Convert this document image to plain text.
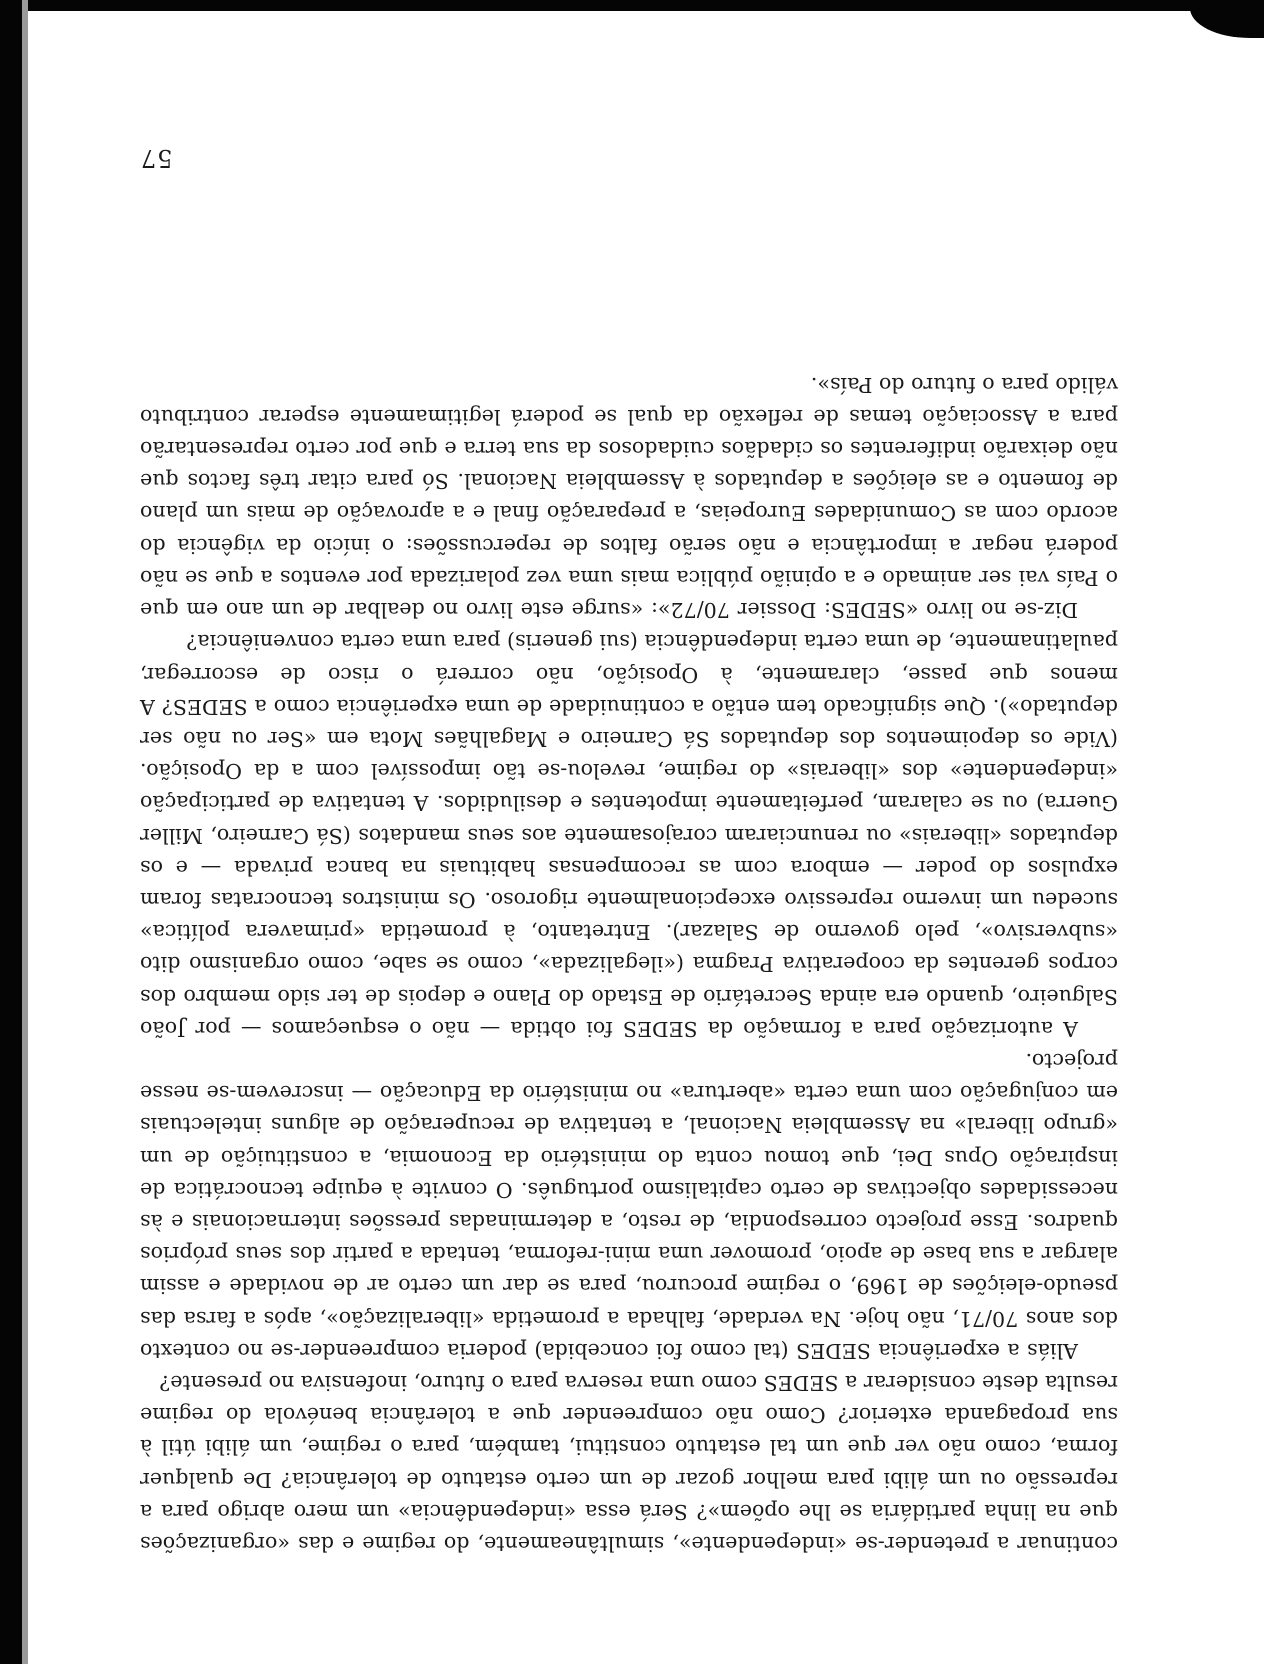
continuar a pretender-se «independente», simultâneamente, do regime e das «organizações que na linha partidária se lhe opõem»? Será essa «independência» um mero abrigo para a repressão ou um álibi para melhor gozar de um certo estatuto de tolerância? De qualquer forma, como não ver que um tal estatuto constitui, também, para o regime, um álibi útil à sua propaganda exterior? Como não compreender que a tolerância benévola do regime resulta deste considerar a SEDES como uma reserva para o futuro, inofensiva no presente?

Aliás a experiência SEDES (tal como foi concebida) poderia compreender-se no contexto dos anos 70/71, não hoje. Na verdade, falhada a prometida «liberalização», após a farsa das pseudo-eleições de 1969, o regime procurou, para se dar um certo ar de novidade e assim alargar a sua base de apoio, promover uma mini-reforma, tentada a partir dos seus próprios quadros. Esse projecto correspondia, de resto, a determinadas pressões internacionais e às necessidades objectivas de certo capitalismo português. O convite à equipe tecnocrática de inspiração Opus Dei, que tomou conta do ministério da Economia, a constituição de um «grupo liberal» na Assembleia Nacional, a tentativa de recuperação de alguns intelectuais em conjugação com uma certa «abertura» no ministério da Educação — inscrevem-se nesse projecto.

A autorização para a formação da SEDES foi obtida — não o esqueçamos — por João Salgueiro, quando era ainda Secretário de Estado do Plano e depois de ter sido membro dos corpos gerentes da cooperativa Pragma («ilegalizada», como se sabe, como organismo dito «subversivo», pelo governo de Salazar). Entretanto, à prometida «primavera política» sucedeu um inverno repressivo excepcionalmente rigoroso. Os ministros tecnocratas foram expulsos do poder — embora com as recompensas habituais na banca privada — e os deputados «liberais» ou renunciaram corajosamente aos seus mandatos (Sá Carneiro, Miller Guerra) ou se calaram, perfeitamente impotentes e desiludidos. A tentativa de participação «independente» dos «liberais» do regime, revelou-se tão impossível com a da Oposição. (Vide os depoimentos dos deputados Sá Carneiro e Magalhães Mota em «Ser ou não ser deputado»). Que significado tem então a continuidade de uma experiência como a SEDES? A menos que passe, claramente, à Oposição, não correrá o risco de escorregar, paulatinamente, de uma certa independência (sui generis) para uma certa conveniência?

Diz-se no livro «SEDES: Dossier 70/72»: «surge este livro no dealbar de um ano em que o País vai ser animado e a opinião pública mais uma vez polarizada por eventos a que se não poderá negar a importância e não serão faltos de repercussões: o início da vigência do acordo com as Comunidades Europeias, a preparação final e a aprovação de mais um plano de fomento e as eleições a deputados à Assembleia Nacional. Só para citar três factos que não deixarão indiferentes os cidadãos cuidadosos da sua terra e que por certo representarão para a Associação temas de reflexão da qual se poderá legitimamente esperar contributo válido para o futuro do País».

57
